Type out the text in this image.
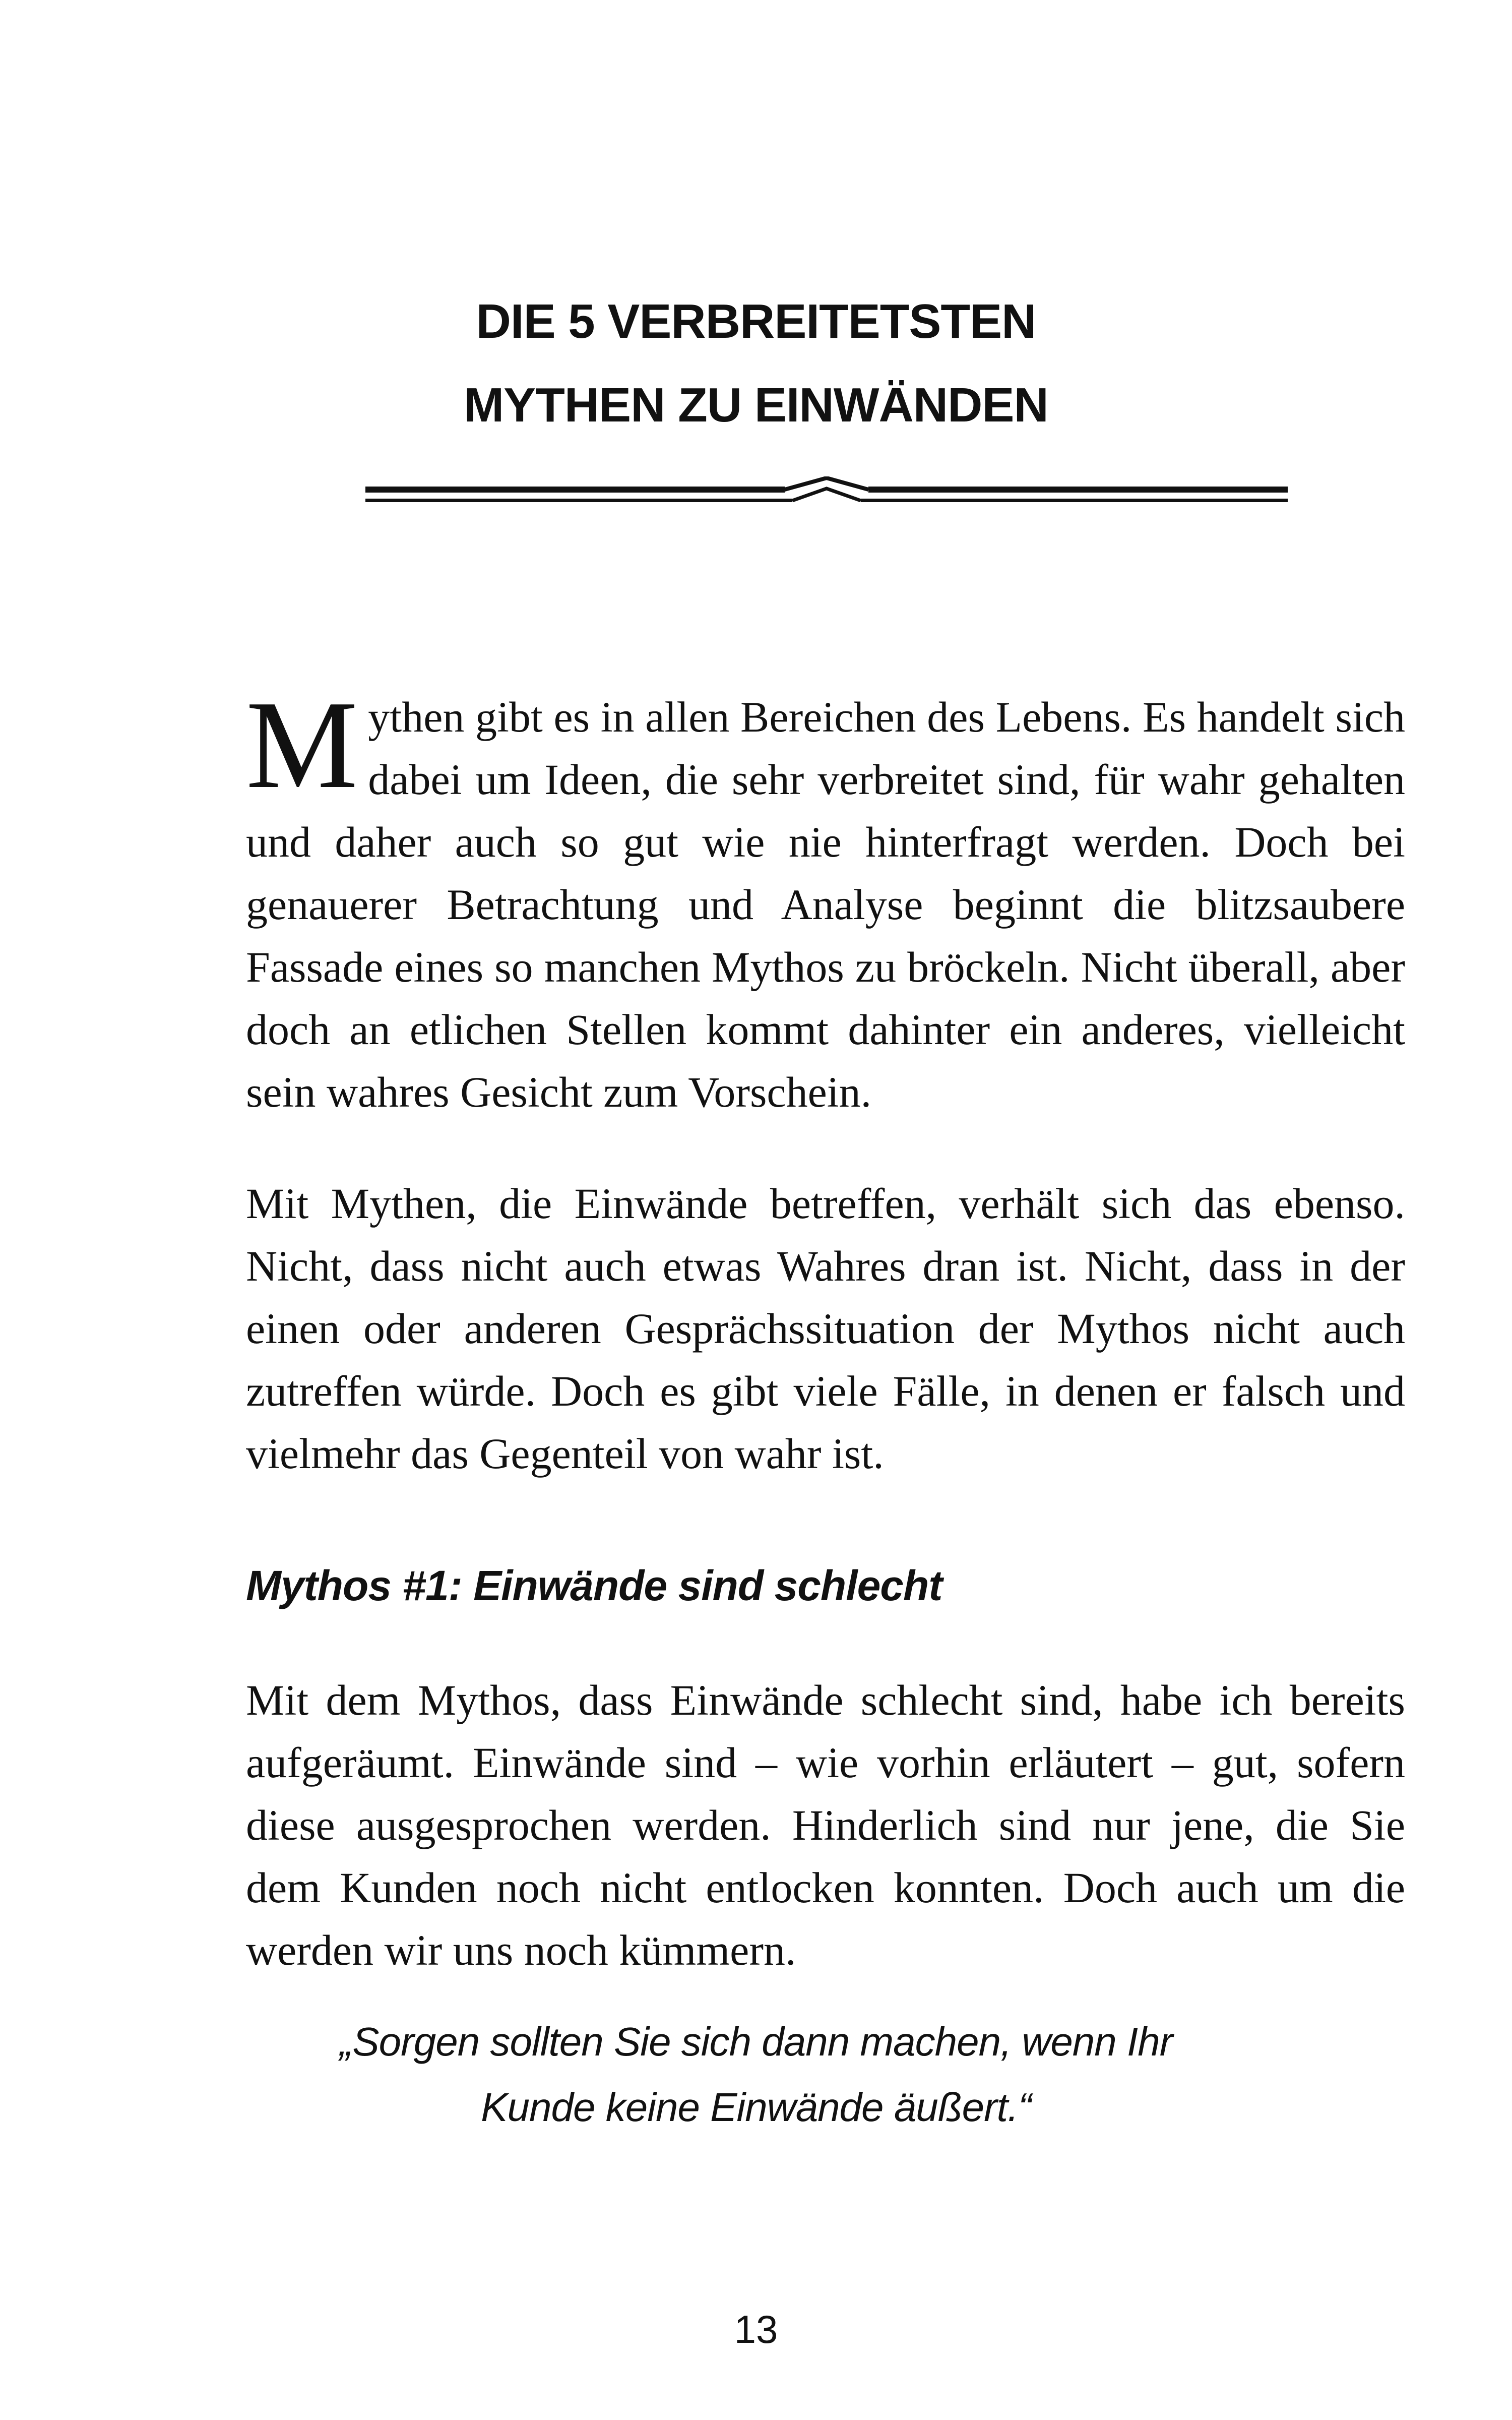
DIE 5 VERBREITETSTEN
MYTHEN ZU EINWÄNDEN

Mythen gibt es in allen Bereichen des Lebens. Es handelt sich dabei um Ideen, die sehr verbreitet sind, für wahr gehalten und daher auch so gut wie nie hinterfragt werden. Doch bei genauerer Betrachtung und Analyse beginnt die blitzsaubere Fassade eines so manchen Mythos zu bröckeln. Nicht überall, aber doch an etlichen Stellen kommt dahinter ein anderes, vielleicht sein wahres Gesicht zum Vorschein.

Mit Mythen, die Einwände betreffen, verhält sich das ebenso. Nicht, dass nicht auch etwas Wahres dran ist. Nicht, dass in der einen oder anderen Gesprächssituation der Mythos nicht auch zutreffen würde. Doch es gibt viele Fälle, in denen er falsch und vielmehr das Gegenteil von wahr ist.

Mythos #1: Einwände sind schlecht

Mit dem Mythos, dass Einwände schlecht sind, habe ich bereits aufgeräumt. Einwände sind – wie vorhin erläutert – gut, sofern diese ausgesprochen werden. Hinderlich sind nur jene, die Sie dem Kunden noch nicht entlocken konnten. Doch auch um die werden wir uns noch kümmern.

„Sorgen sollten Sie sich dann machen, wenn Ihr
Kunde keine Einwände äußert.“
13
